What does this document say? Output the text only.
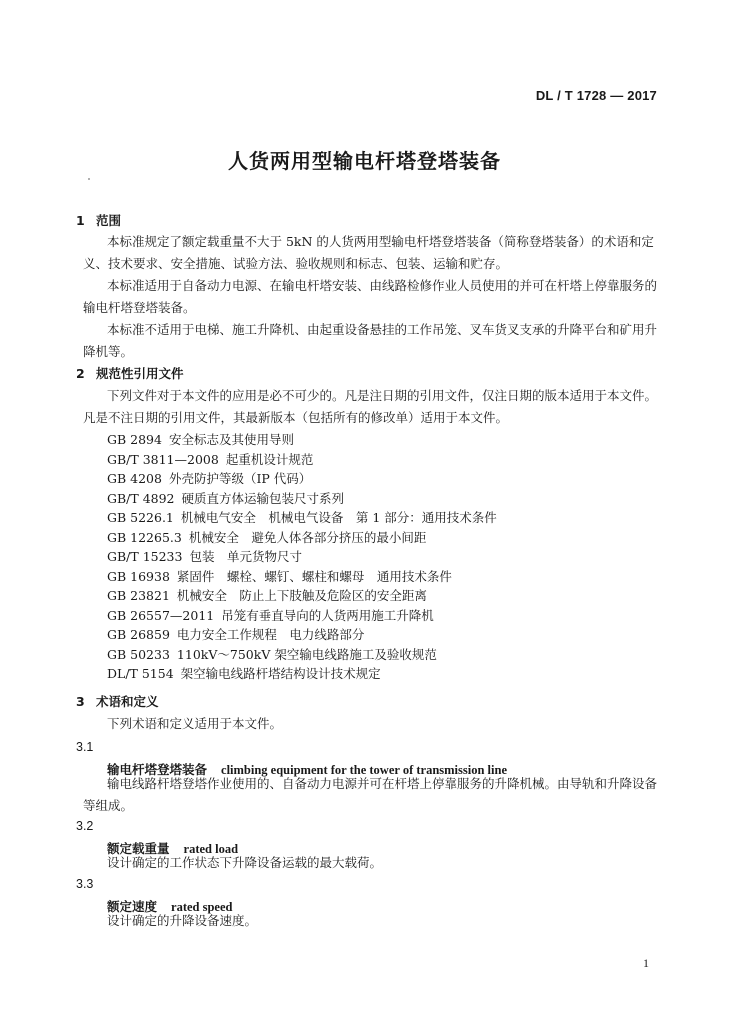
DL / T 1728 — 2017
人货两用型输电杆塔登塔装备
1 范围
本标准规定了额定载重量不大于 5kN 的人货两用型输电杆塔登塔装备（简称登塔装备）的术语和定义、技术要求、安全措施、试验方法、验收规则和标志、包装、运输和贮存。
本标准适用于自备动力电源、在输电杆塔安装、由线路检修作业人员使用的并可在杆塔上停靠服务的输电杆塔登塔装备。
本标准不适用于电梯、施工升降机、由起重设备悬挂的工作吊笼、叉车货叉支承的升降平台和矿用升降机等。
2 规范性引用文件
下列文件对于本文件的应用是必不可少的。凡是注日期的引用文件，仅注日期的版本适用于本文件。凡是不注日期的引用文件，其最新版本（包括所有的修改单）适用于本文件。
GB 2894 安全标志及其使用导则
GB/T 3811—2008 起重机设计规范
GB 4208 外壳防护等级（IP 代码）
GB/T 4892 硬质直方体运输包装尺寸系列
GB 5226.1 机械电气安全　机械电气设备　第 1 部分：通用技术条件
GB 12265.3 机械安全　避免人体各部分挤压的最小间距
GB/T 15233 包装　单元货物尺寸
GB 16938 紧固件　螺栓、螺钉、螺柱和螺母　通用技术条件
GB 23821 机械安全　防止上下肢触及危险区的安全距离
GB 26557—2011 吊笼有垂直导向的人货两用施工升降机
GB 26859 电力安全工作规程　电力线路部分
GB 50233 110kV～750kV 架空输电线路施工及验收规范
DL/T 5154 架空输电线路杆塔结构设计技术规定
3 术语和定义
下列术语和定义适用于本文件。
3.1
输电杆塔登塔装备 climbing equipment for the tower of transmission line
输电线路杆塔登塔作业使用的、自备动力电源并可在杆塔上停靠服务的升降机械。由导轨和升降设备等组成。
3.2
额定载重量 rated load
设计确定的工作状态下升降设备运载的最大载荷。
3.3
额定速度 rated speed
设计确定的升降设备速度。
1
